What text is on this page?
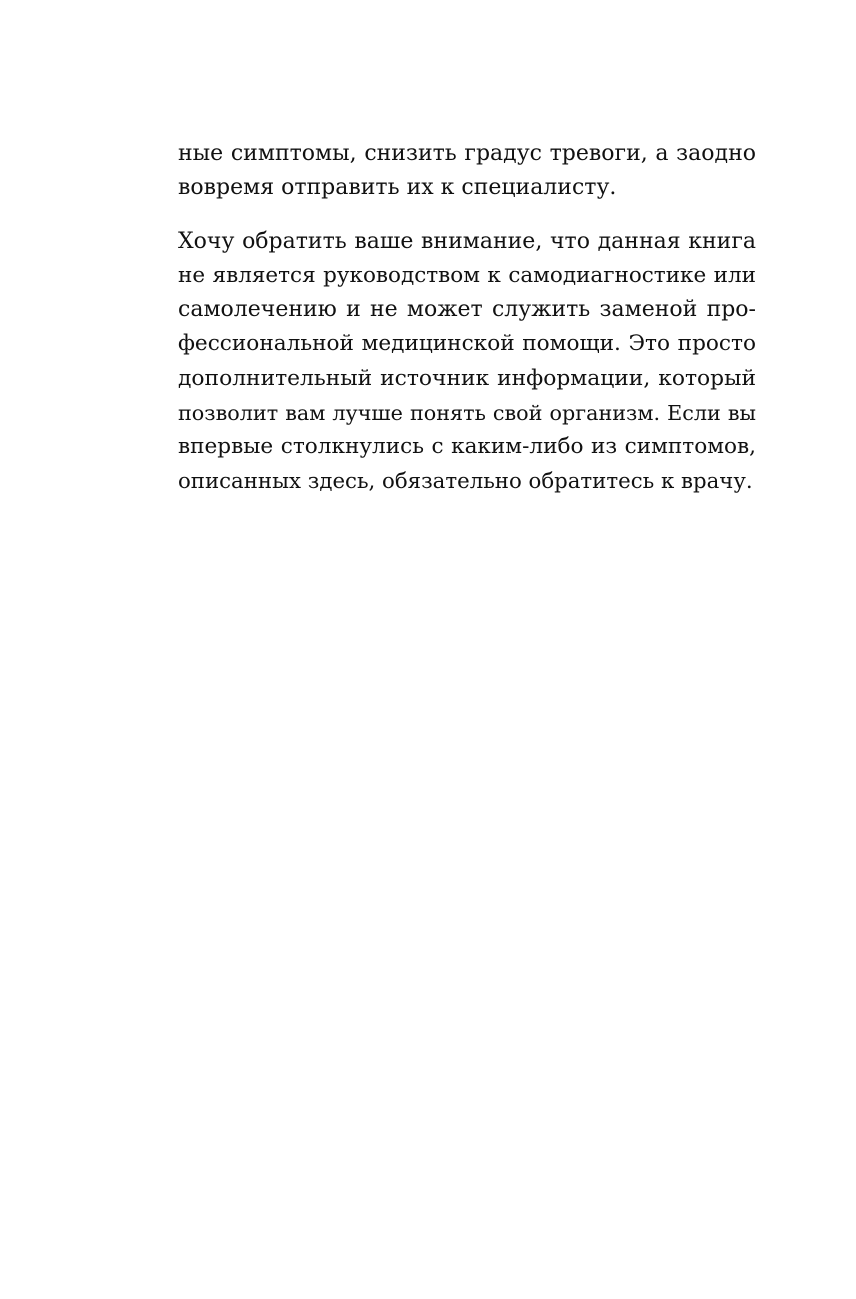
ные симптомы, снизить градус тревоги, а заодно
вовремя отправить их к специалисту.

Хочу обратить ваше внимание, что данная книга
не является руководством к самодиагностике или
самолечению и не может служить заменой про-
фессиональной медицинской помощи. Это просто
дополнительный источник информации, который
позволит вам лучше понять свой организм. Если вы
впервые столкнулись с каким-либо из симптомов,
описанных здесь, обязательно обратитесь к врачу.
